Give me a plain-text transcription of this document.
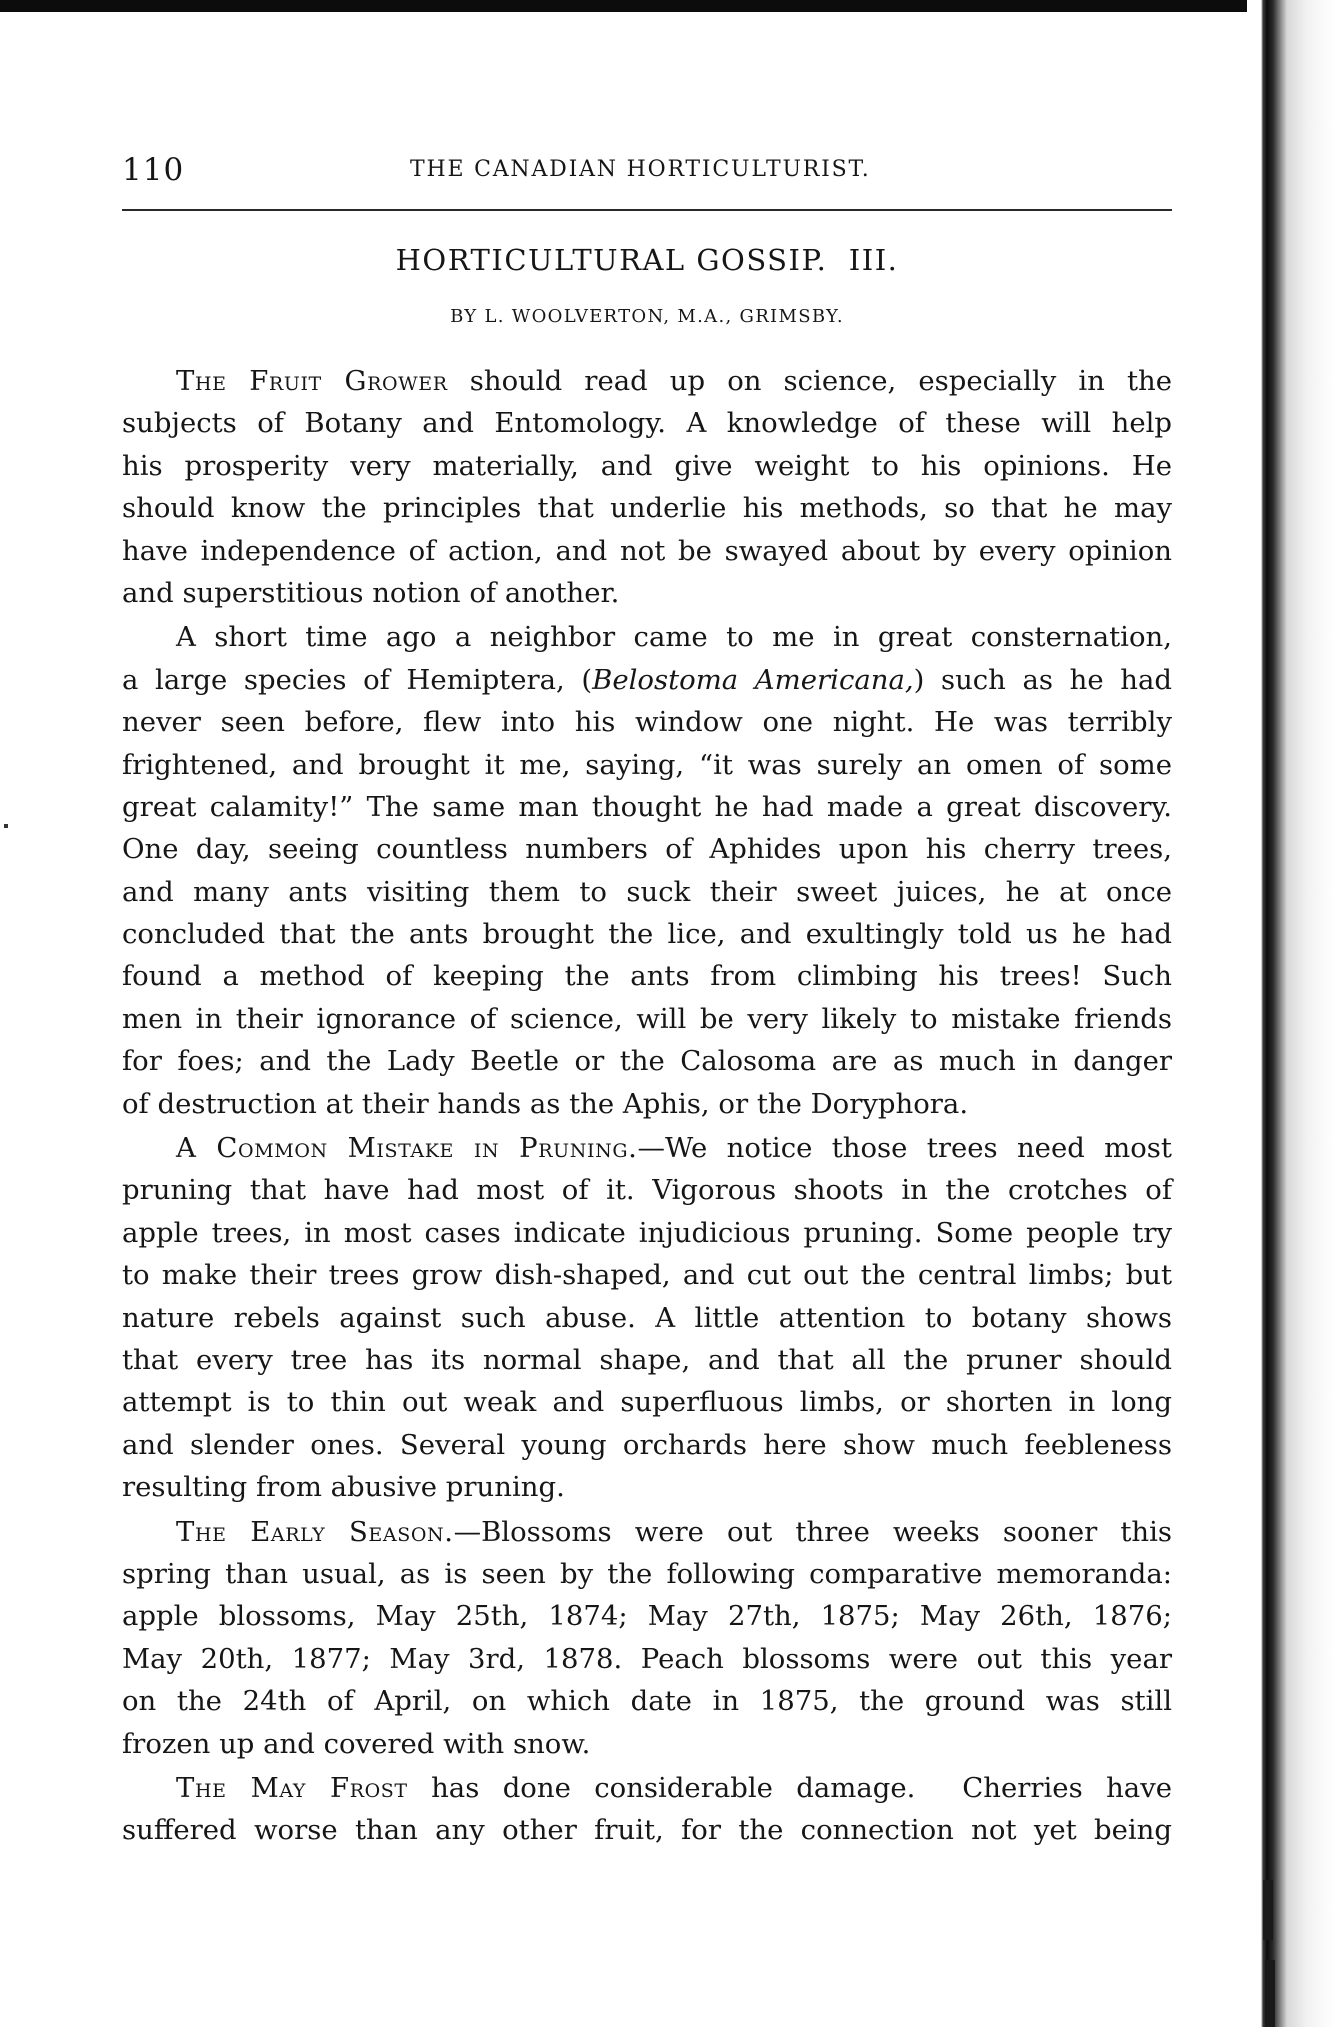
110	THE CANADIAN HORTICULTURIST.
HORTICULTURAL GOSSIP.  III.
BY L. WOOLVERTON, M.A., GRIMSBY.
The Fruit Grower should read up on science, especially in the
subjects of Botany and Entomology. A knowledge of these will help
his prosperity very materially, and give weight to his opinions. He
should know the principles that underlie his methods, so that he may
have independence of action, and not be swayed about by every opinion
and superstitious notion of another.
A short time ago a neighbor came to me in great consternation,
a large species of Hemiptera, (Belostoma Americana,) such as he had
never seen before, flew into his window one night. He was terribly
frightened, and brought it me, saying, “it was surely an omen of some
great calamity!” The same man thought he had made a great discovery.
One day, seeing countless numbers of Aphides upon his cherry trees,
and many ants visiting them to suck their sweet juices, he at once
concluded that the ants brought the lice, and exultingly told us he had
found a method of keeping the ants from climbing his trees! Such
men in their ignorance of science, will be very likely to mistake friends
for foes; and the Lady Beetle or the Calosoma are as much in danger
of destruction at their hands as the Aphis, or the Doryphora.
A Common Mistake in Pruning.—We notice those trees need most
pruning that have had most of it. Vigorous shoots in the crotches of
apple trees, in most cases indicate injudicious pruning. Some people try
to make their trees grow dish-shaped, and cut out the central limbs; but
nature rebels against such abuse. A little attention to botany shows
that every tree has its normal shape, and that all the pruner should
attempt is to thin out weak and superfluous limbs, or shorten in long
and slender ones. Several young orchards here show much feebleness
resulting from abusive pruning.
The Early Season.—Blossoms were out three weeks sooner this
spring than usual, as is seen by the following comparative memoranda:
apple blossoms, May 25th, 1874; May 27th, 1875; May 26th, 1876;
May 20th, 1877; May 3rd, 1878. Peach blossoms were out this year
on the 24th of April, on which date in 1875, the ground was still
frozen up and covered with snow.
The May Frost has done considerable damage.  Cherries have
suffered worse than any other fruit, for the connection not yet being
